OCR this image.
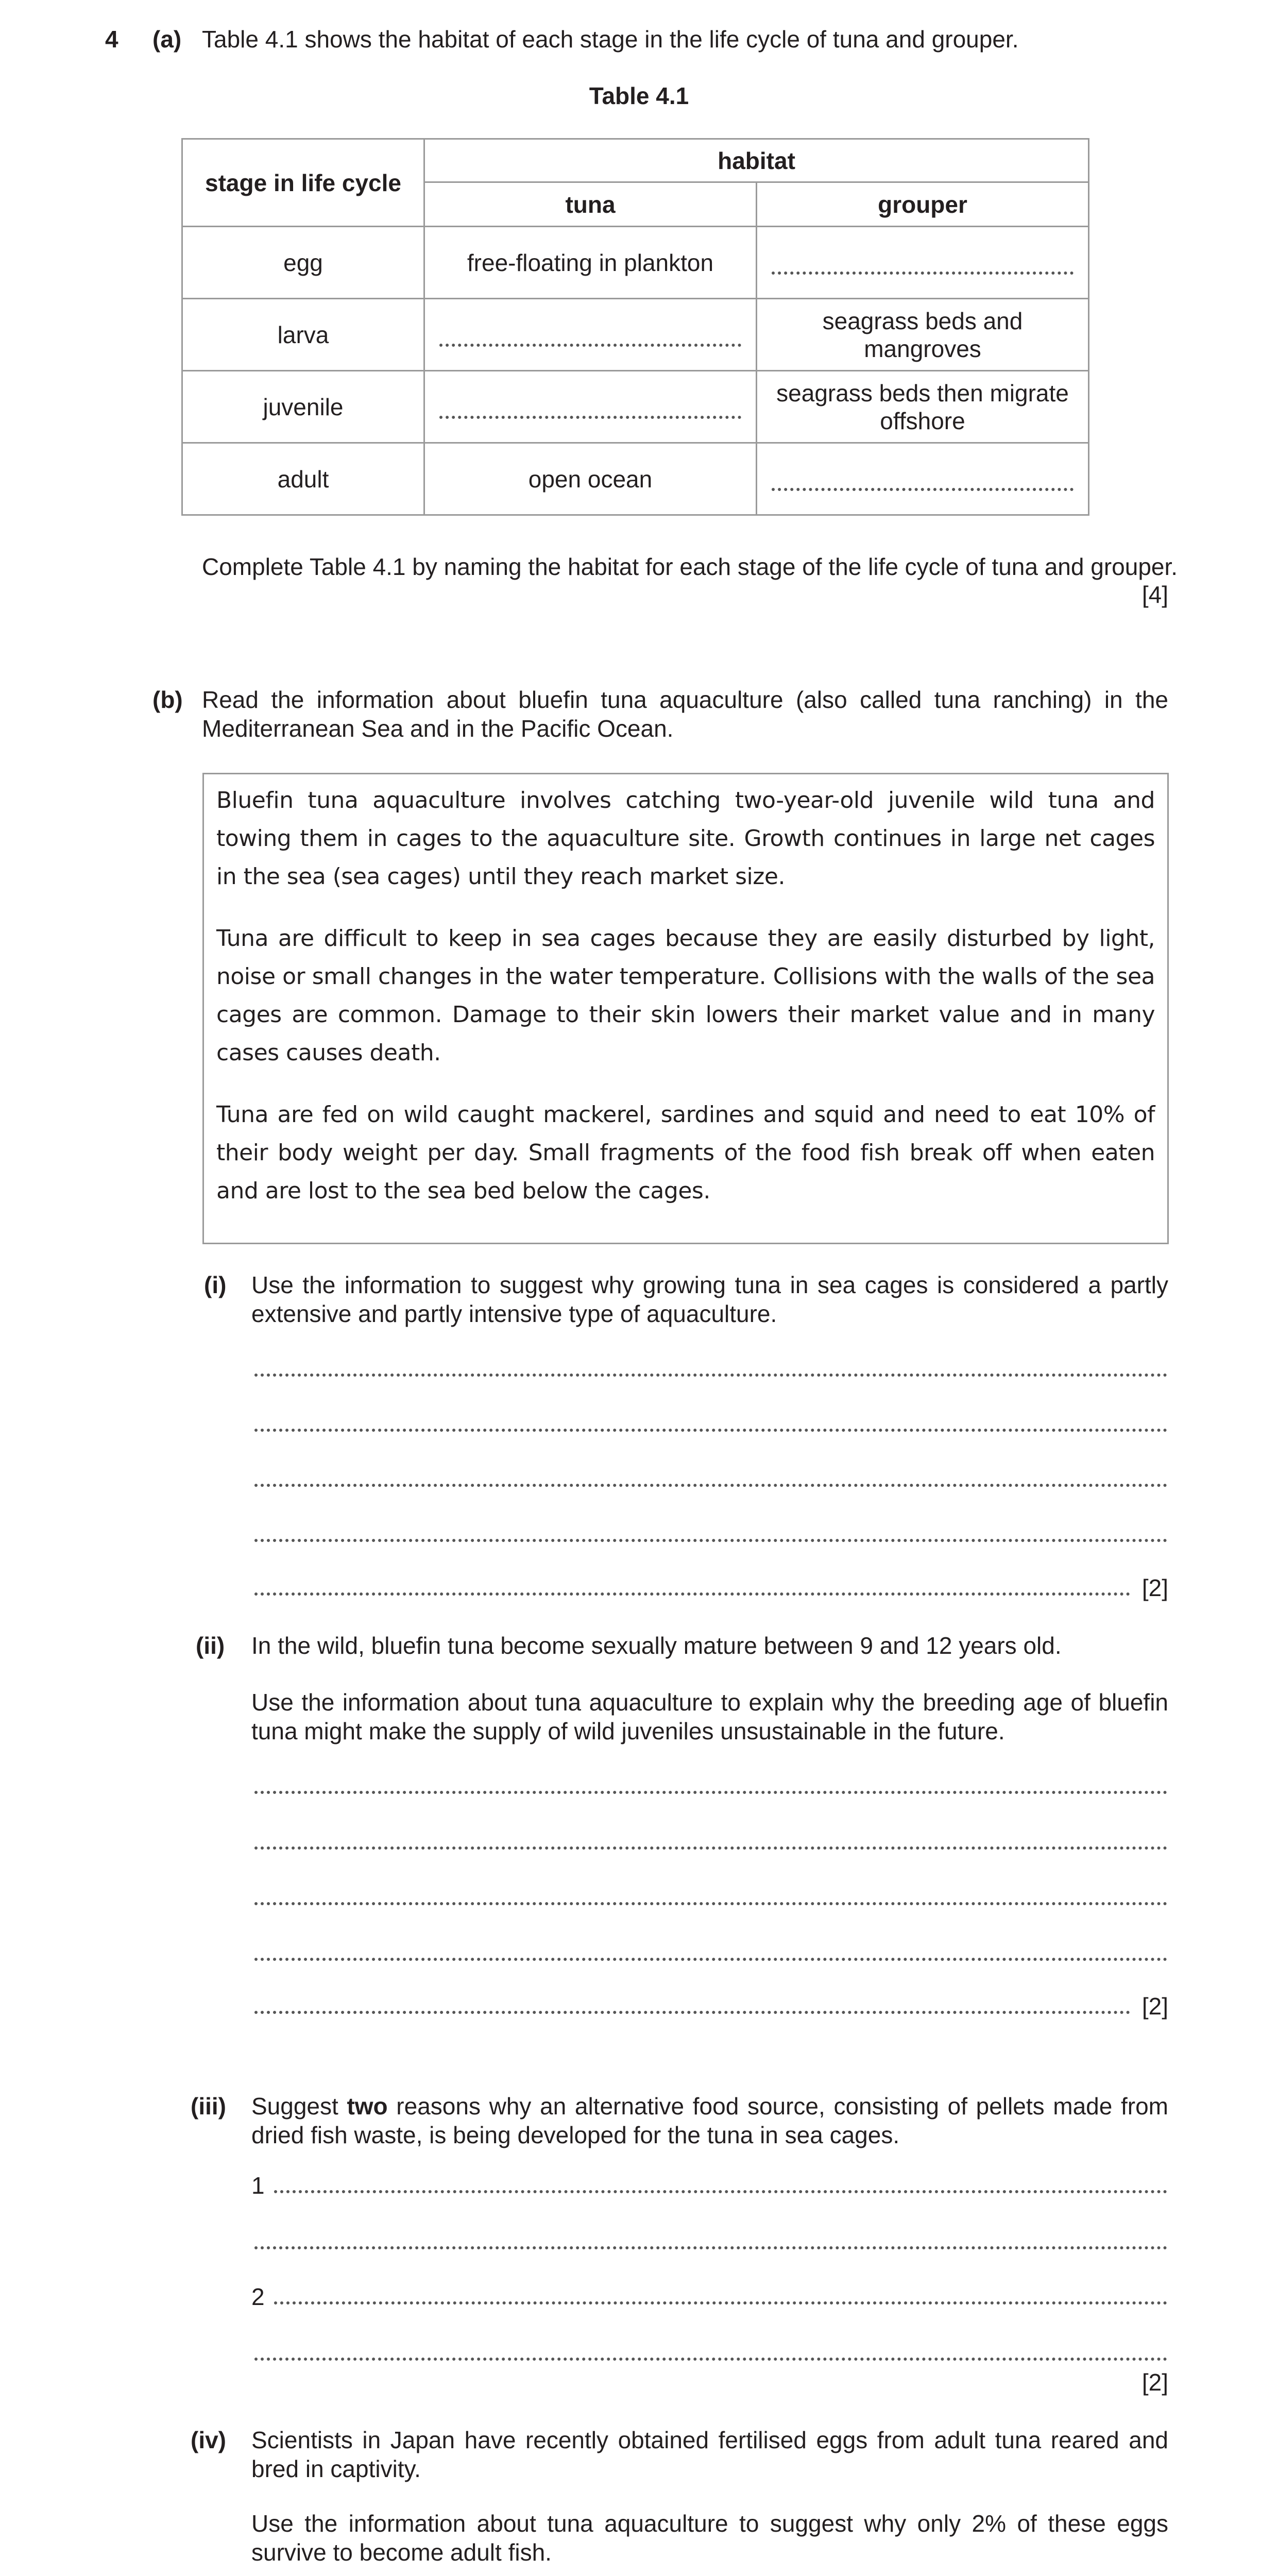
4 (a) Table 4.1 shows the habitat of each stage in the life cycle of tuna and grouper.
Table 4.1
stage in life cycle	habitat	
	tuna	grouper
egg	free-floating in plankton	

larva		seagrass beds and mangroves
juvenile		seagrass beds then migrate offshore
adult	open ocean	
Complete Table 4.1 by naming the habitat for each stage of the life cycle of tuna and grouper.
[4]
(b) Read the information about bluefin tuna aquaculture (also called tuna ranching) in the Mediterranean Sea and in the Pacific Ocean.

Bluefin tuna aquaculture involves catching two-year-old juvenile wild tuna and towing them in cages to the aquaculture site. Growth continues in large net cages in the sea (sea cages) until they reach market size.

Tuna are difficult to keep in sea cages because they are easily disturbed by light, noise or small changes in the water temperature. Collisions with the walls of the sea cages are common. Damage to their skin lowers their market value and in many cases causes death.

Tuna are fed on wild caught mackerel, sardines and squid and need to eat 10% of their body weight per day. Small fragments of the food fish break off when eaten and are lost to the sea bed below the cages.

(i) Use the information to suggest why growing tuna in sea cages is considered a partly extensive and partly intensive type of aquaculture.
[2]
(ii) In the wild, bluefin tuna become sexually mature between 9 and 12 years old.
Use the information about tuna aquaculture to explain why the breeding age of bluefin tuna might make the supply of wild juveniles unsustainable in the future.
[2]
(iii) Suggest two reasons why an alternative food source, consisting of pellets made from dried fish waste, is being developed for the tuna in sea cages.
1
2
[2]
(iv) Scientists in Japan have recently obtained fertilised eggs from adult tuna reared and bred in captivity.
Use the information about tuna aquaculture to suggest why only 2% of these eggs survive to become adult fish.
